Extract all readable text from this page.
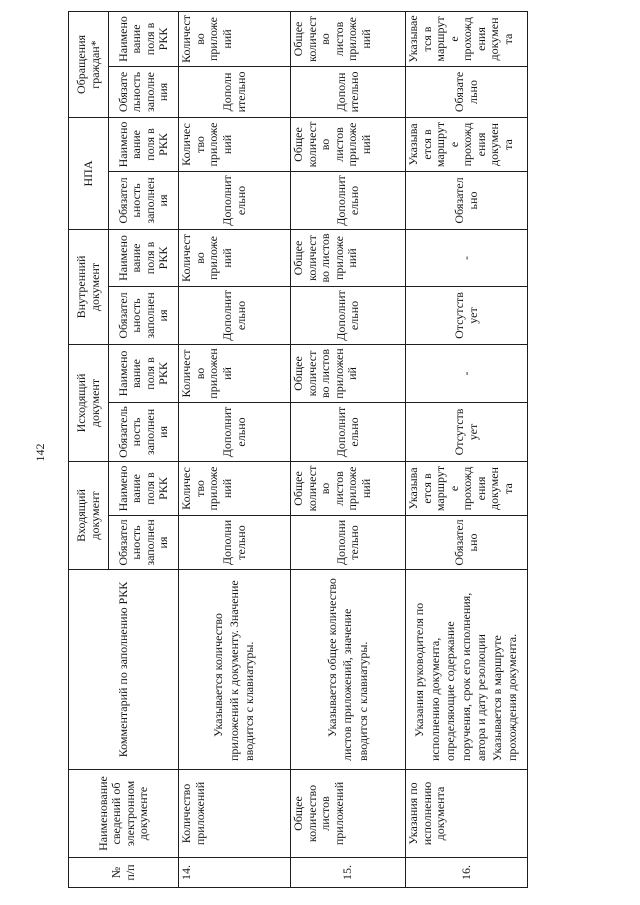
142
№ п/п	Наименование сведений об электронном документе	Комментарий по заполнению РКК	Входящий документ		Исходящий документ		Внутренний документ		НПА		Обращения граждан*	
			Обязательность заполнения	Наименование поля в РКК	Обязательность заполнения	Наименование поля в РКК	Обязательность заполнения	Наименование поля в РКК	Обязательность заполнения	Наименование поля в РКК	Обязательность заполнения	Наименование поля в РКК
14.	Количество приложений	Указывается количество приложений к документу. Значение вводится с клавиатуры.	Дополнительно	Количество приложений	Дополнительно	Количество приложений	Дополнительно	Количество приложений	Дополнительно	Количество приложений	Дополнительно	Количество приложений
15.	Общее количество листов приложений	Указывается общее количество листов приложений, значение вводится с клавиатуры.	Дополнительно	Общее количество листов приложений	Дополнительно	Общее количество листов приложений	Дополнительно	Общее количество листов приложений	Дополнительно	Общее количество листов приложений	Дополнительно	Общее количество листов приложений
16.	Указания по исполнению документа	Указания руководителя по исполнению документа, определяющие содержание поручения, срок его исполнения, автора и дату резолюции Указывается в маршруте прохождения документа.	Обязательно	Указывается в маршруте прохождения документа	Отсутствует	-	Отсутствует	-	Обязательно	Указывается в маршруте прохождения документа	Обязательно	Указывается в маршруте прохождения документа
